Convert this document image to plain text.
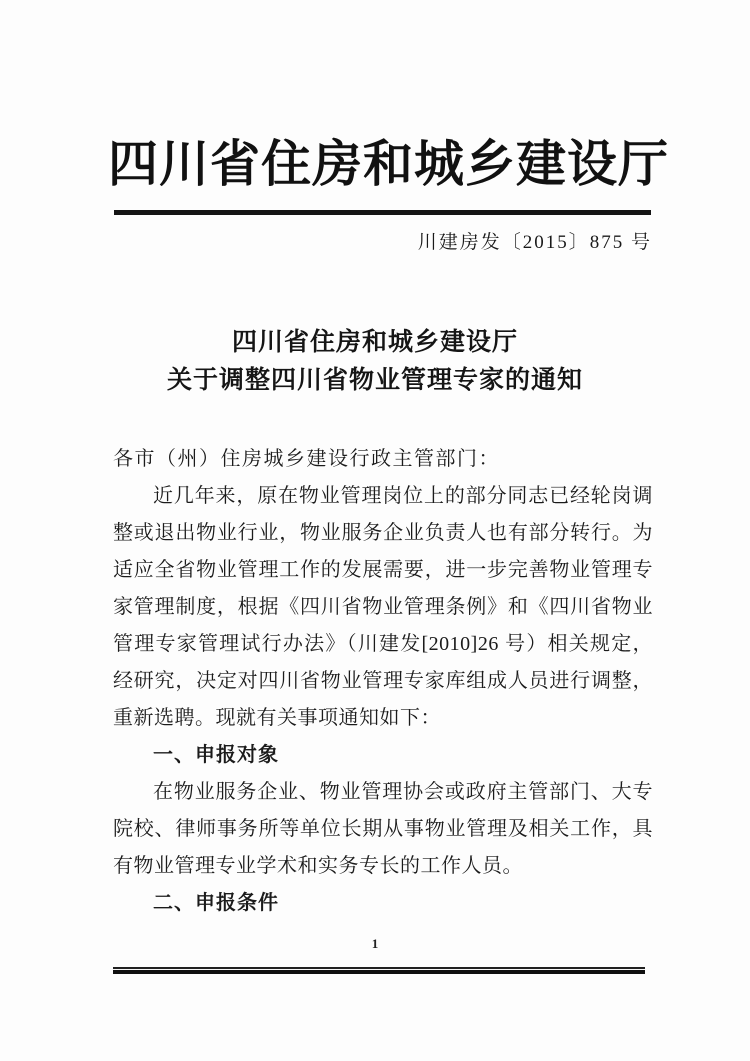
四川省住房和城乡建设厅
川建房发〔2015〕875 号
四川省住房和城乡建设厅
关于调整四川省物业管理专家的通知

各市（州）住房城乡建设行政主管部门：

近几年来，原在物业管理岗位上的部分同志已经轮岗调整或退出物业行业，物业服务企业负责人也有部分转行。为适应全省物业管理工作的发展需要，进一步完善物业管理专家管理制度，根据《四川省物业管理条例》和《四川省物业管理专家管理试行办法》（川建发[2010]26 号）相关规定，经研究，决定对四川省物业管理专家库组成人员进行调整，重新选聘。现就有关事项通知如下：

一、申报对象

在物业服务企业、物业管理协会或政府主管部门、大专院校、律师事务所等单位长期从事物业管理及相关工作，具有物业管理专业学术和实务专长的工作人员。

二、申报条件

1
